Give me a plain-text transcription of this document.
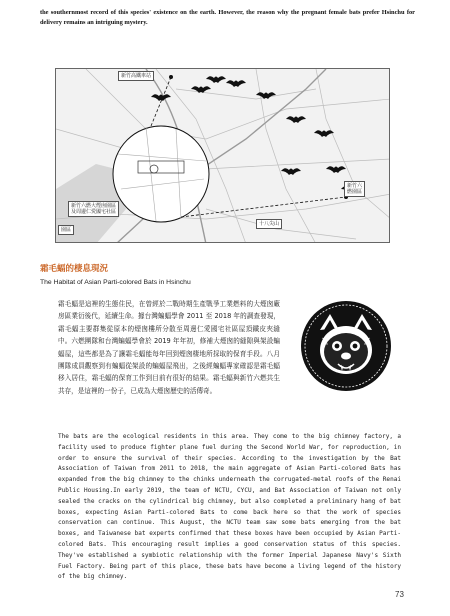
the southernmost record of this species' existence on the earth. However, the reason why the pregnant female bats prefer Hsinchu for delivery remains an intriguing mystery.

新竹高鐵車站
新竹六燃大煙囪園區
及周邊仁愛國宅社區
新竹六
燃園區
園區
十八尖山
霜毛蝠的棲息現況
The Habitat of Asian Parti-colored Bats in Hsinchu

霜毛蝠是這裡的生態住民，在曾經於二戰時期生產戰爭工業燃料的大煙囪廠房區業衍後代，延續生命。據台灣蝙蝠學會 2011 至 2018 年的調查發現，霜毛蝠主要群集從原本的煙囪樓所分散至周邊仁愛國宅社區屋頂鐵皮夾縫中。六燃團隊和台灣蝙蝠學會於 2019 年年初，修補大煙囪的縫隙與架設蝙蝠屋，這些都是為了讓霜毛蝠能每年回到煙囪棲地所採取的保育手段。八月團隊成員觀察到有蝙蝠從架設的蝙蝠屋飛出，之後經蝙蝠專家確認是霜毛蝠移入居住，霜毛蝠的保育工作到目前有很好的結果。霜毛蝠與新竹六燃共生共存，是這裡的一份子，已成為大煙囪歷史的活傳奇。

The bats are the ecological residents in this area. They come to the big chimney factory, a facility used to produce fighter plane fuel during the Second World War, for reproduction, in order to ensure the survival of their species. According to the investigation by the Bat Association of Taiwan from 2011 to 2018, the main aggregate of Asian Parti-colored Bats has expanded from the big chimney to the chinks underneath the corrugated-metal roofs of the Renai Public Housing.In early 2019, the team of NCTU, CYCU, and Bat Association of Taiwan not only sealed the cracks on the cylindrical big chimney, but also completed a preliminary hang of bat boxes, expecting Asian Parti-colored Bats to come back here so that the work of species conservation can continue. This August, the NCTU team saw some bats emerging from the bat boxes, and Taiwanese bat experts confirmed that these boxes have been occupied by Asian Parti-colored Bats. This encouraging result implies a good conservation status of this species. They've established a symbiotic relationship with the former Imperial Japanese Navy's Sixth Fuel Factory. Being part of this place, these bats have become a living legend of the history of the big chimney.

73
